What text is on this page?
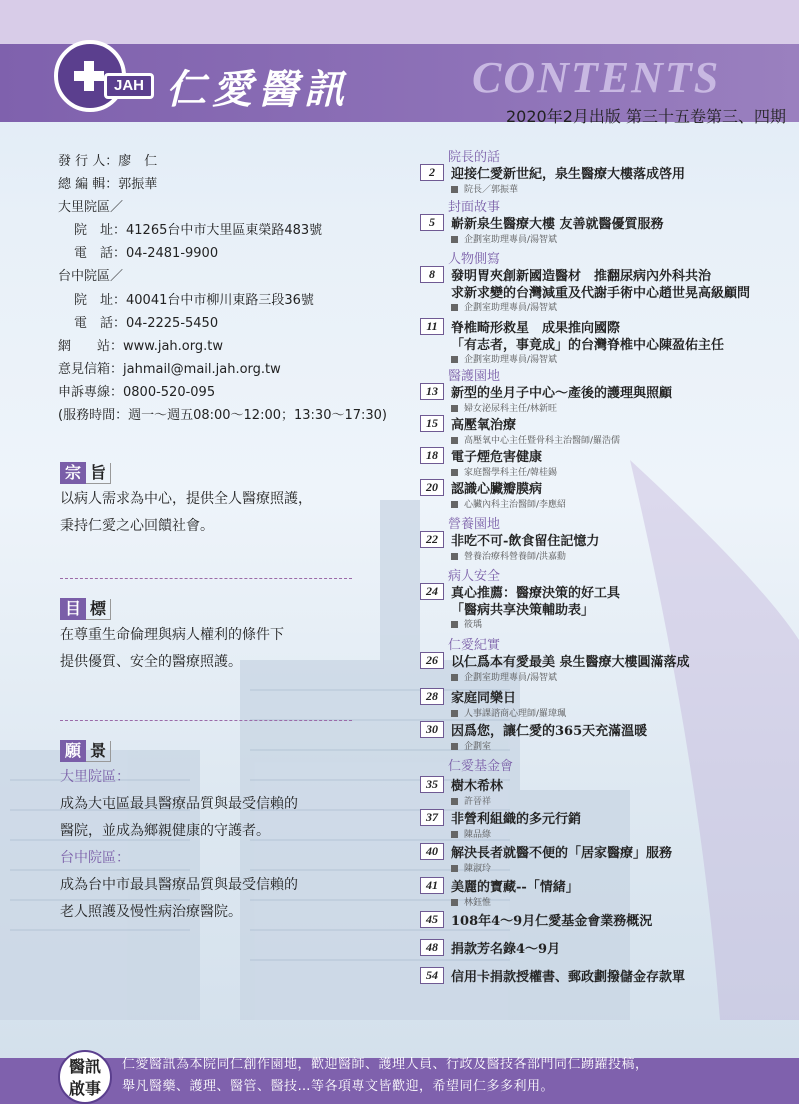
JAH 仁愛醫訊	CONTENTS
2020年2月出版 第三十五卷第三、四期
發 行 人：廖　仁
總 編 輯：郭振華
大里院區／
院　址：41265台中市大里區東榮路483號
電　話：04-2481-9900
台中院區／
院　址：40041台中市柳川東路三段36號
電　話：04-2225-5450
網　　站：www.jah.org.tw
意見信箱：jahmail@mail.jah.org.tw
申訴專線：0800-520-095
(服務時間：週一～週五08:00～12:00；13:30～17:30)
宗 旨
以病人需求為中心，提供全人醫療照護，
秉持仁愛之心回饋社會。
目 標
在尊重生命倫理與病人權利的條件下
提供優質、安全的醫療照護。
願 景
大里院區：
成為大屯區最具醫療品質與最受信賴的
醫院，並成為鄉親健康的守護者。
台中院區：
成為台中市最具醫療品質與最受信賴的
老人照護及慢性病治療醫院。
院長的話
封面故事
人物側寫
醫護園地
營養園地
病人安全
仁愛紀實
仁愛基金會
2	迎接仁愛新世紀，泉生醫療大樓落成啓用
院長／郭振華
5	嶄新泉生醫療大樓 友善就醫優質服務
企劃室助理專員/湯智斌
8	發明胃夾創新國造醫材　推翻尿病內外科共治
求新求變的台灣減重及代謝手術中心趙世晃高級顧問
企劃室助理專員/湯智斌
11	脊椎畸形救星　成果推向國際
「有志者，事竟成」的台灣脊椎中心陳盈佑主任
企劃室助理專員/湯智斌
13	新型的坐月子中心～產後的護理與照顧
婦女泌尿科主任/林新旺
15	高壓氧治療
高壓氧中心主任暨骨科主治醫師/羅浩儒
18	電子煙危害健康
家庭醫學科主任/韓桂錫
20	認識心臟瓣膜病
心臟內科主治醫師/李應紹
22	非吃不可-飲食留住記憶力
營養治療科營養師/洪嘉勳
24	真心推薦：醫療決策的好工具
「醫病共享決策輔助表」
筱瑀
26	以仁爲本有愛最美 泉生醫療大樓圓滿落成
企劃室助理專員/湯智斌
28	家庭同樂日
人事課諮商心理師/羅瑋珮
30	因爲您，讓仁愛的365天充滿溫暖
企劃室
35	樹木希林
許晉祥
37	非營利組織的多元行銷
陳品綠
40	解決長者就醫不便的「居家醫療」服務
陳淑玲
41	美麗的寶藏--「情緒」
林鈺惟
45	108年4～9月仁愛基金會業務概況
48	捐款芳名錄4～9月
54	信用卡捐款授權書、郵政劃撥儲金存款單
醫訊
啟事
仁愛醫訊為本院同仁創作園地，歡迎醫師、護理人員、行政及醫技各部門同仁踴躍投稿，
舉凡醫藥、護理、醫管、醫技…等各項專文皆歡迎，希望同仁多多利用。
